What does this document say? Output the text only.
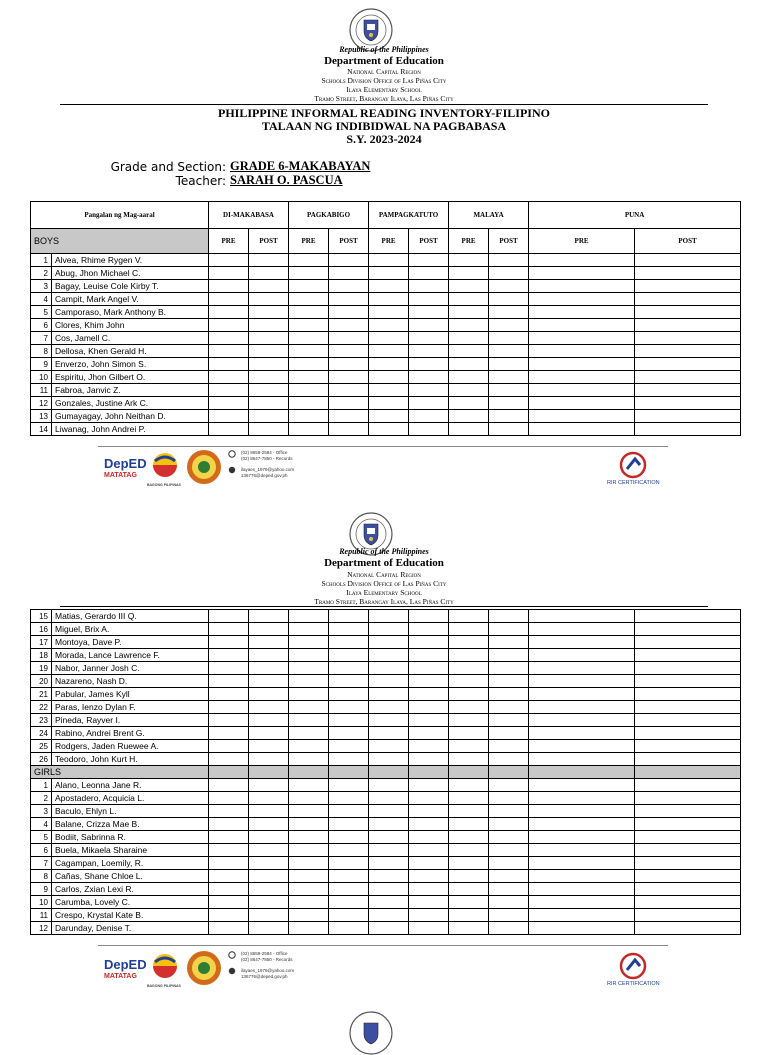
Republic of the Philippines
Department of Education
National Capital Region
Schools Division Office of Las Piñas City
Ilaya Elementary School
Tramo Street, Barangay Ilaya, Las Piñas City
PHILIPPINE INFORMAL READING INVENTORY-FILIPINO
TALAAN NG INDIBIDWAL NA PAGBABASA
S.Y. 2023-2024
Grade and Section: GRADE 6-MAKABAYAN
Teacher: SARAH O. PASCUA
Pangalan ng Mag-aaral		DI-MAKABASA		PAGKABIGO		PAMPAGKATUTO		MALAYA		PUNA	
BOYS		PRE	POST	PRE	POST	PRE	POST	PRE	POST	PRE	POST
1	Alvea, Rhime Rygen V.										
2	Abug, Jhon Michael C.										
3	Bagay, Leuise Cole Kirby T.										
4	Campit, Mark Angel V.										
5	Camporaso, Mark Anthony B.										
6	Clores, Khim John										
7	Cos, Jamell C.										
8	Dellosa, Khen Gerald H.										
9	Enverzo, John Simon S.										
10	Espiritu, Jhon Gilbert O.										
11	Fabroa, Janvic Z.										
12	Gonzales, Justine Ark C.										
13	Gumayagay, John Neithan D.										
14	Liwanag, John Andrei P.										
DepED
MATATAG
BAGONG PILIPINAS
(02) 8659-2584 - Office
(02) 8647-7850 - Records
ilayaes_1979@yahoo.com
136776@deped.gov.ph
RIR CERTIFICATION
Republic of the Philippines
Department of Education
National Capital Region
Schools Division Office of Las Piñas City
Ilaya Elementary School
Tramo Street, Barangay Ilaya, Las Piñas City
15	Matias, Gerardo III Q.										
16	Miguel, Brix A.										
17	Montoya, Dave P.										
18	Morada, Lance Lawrence F.										
19	Nabor, Janner Josh C.										
20	Nazareno, Nash D.										
21	Pabular, James Kyll										
22	Paras, Ienzo Dylan F.										
23	Pineda, Rayver I.										
24	Rabino, Andrei Brent G.										
25	Rodgers, Jaden Ruewee A.										
26	Teodoro, John Kurt H.										
GIRLS											
1	Alano, Leonna Jane R.										
2	Apostadero, Acquicia L.										
3	Baculo, Ehlyn L.										
4	Balane, Crizza Mae B.										
5	Bodiit, Sabrinna R.										
6	Buela, Mikaela Sharaine										
7	Cagampan, Loemily, R.										
8	Cañas, Shane Chloe L.										
9	Carlos, Zxian Lexi R.										
10	Carumba, Lovely C.										
11	Crespo, Krystal Kate B.										
12	Darunday, Denise T.										
DepED
MATATAG
BAGONG PILIPINAS
(02) 8659-2584 - Office
(02) 8647-7850 - Records
ilayaes_1979@yahoo.com
136776@deped.gov.ph
RIR CERTIFICATION
